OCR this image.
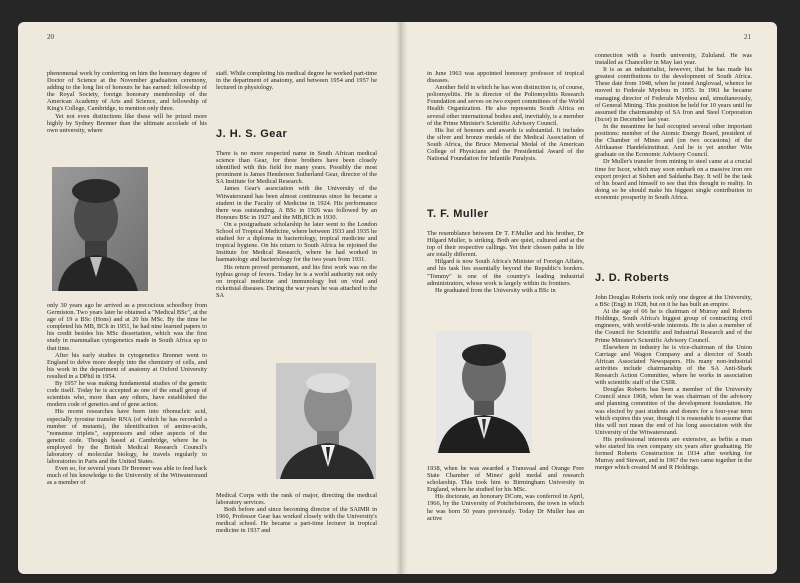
20	21

phenomenal work by conferring on him the honorary degree of Doctor of Science at the November graduation ceremony, adding to the long list of honours he has earned: fellowship of the Royal Society, foreign honorary membership of the American Academy of Arts and Science, and fellowship of King's College, Cambridge, to mention only three.

Yet not even distinctions like these will be prized more highly by Sydney Brenner than the ultimate accolade of his own university, where

only 30 years ago he arrived as a precocious schoolboy from Germiston. Two years later he obtained a "Medical BSc", at the age of 19 a BSc (Hons) and at 20 his MSc. By the time he completed his MB, BCh in 1951, he had nine learned papers to his credit besides his MSc dissertation, which was the first study in mammalian cytogenetics made in South Africa up to that time.

After his early studies in cytogenetics Brenner went to England to delve more deeply into the chemistry of cells, and his work in the department of anatomy at Oxford University resulted in a DPhil in 1954.

By 1957 he was making fundamental studies of the genetic code itself. Today he is accepted as one of the small group of scientists who, more than any others, have established the modern code of genetics and of gene action.

His recent researches have been into ribonucleic acid, especially tyrosine transfer RNA (of which he has recorded a number of mutants), the identification of amino-acids, "nonsense triplets", suppressors and other aspects of the genetic code. Though based at Cambridge, where he is employed by the British Medical Research Council's laboratory of molecular biology, he travels regularly to laboratories in Paris and the United States.

Even so, for several years Dr Brenner was able to feed back much of his knowledge to the University of the Witwatersrand as a member of

staff. While completing his medical degree he worked part-time in the department of anatomy, and between 1954 and 1957 he lectured in physiology.

J. H. S. Gear

There is no more respected name in South African medical science than Gear, for three brothers have been closely identified with this field for many years. Possibly the most prominent is James Henderson Sutherland Gear, director of the SA Institute for Medical Research.

James Gear's association with the University of the Witwatersrand has been almost continuous since he became a student in the Faculty of Medicine in 1924. His performance there was outstanding. A BSc in 1926 was followed by an Honours BSc in 1927 and the MB,BCh in 1930.

On a postgraduate scholarship he later went to the London School of Tropical Medicine, where between 1933 and 1935 he studied for a diploma in bacteriology, tropical medicine and tropical hygiene. On his return to South Africa he rejoined the Institute for Medical Research, where he had worked in haematology and bacteriology for the two years from 1931.

His return proved permanent, and his first work was on the typhus group of fevers. Today he is a world authority not only on tropical medicine and immunology but on viral and rickettsial diseases. During the war years he was attached to the SA

Medical Corps with the rank of major, directing the medical laboratory services.

Both before and since becoming director of the SAIMR in 1960, Professor Gear has worked closely with the University's medical school. He became a part-time lecturer in tropical medicine in 1937 and

in June 1963 was appointed honorary professor of tropical diseases.

Another field in which he has won distinction is, of course, poliomyelitis. He is director of the Poliomyelitis Research Foundation and serves on two expert committees of the World Health Organization. He also represents South Africa on several other international bodies and, inevitably, is a member of the Prime Minister's Scientific Advisory Council.

His list of honours and awards is substantial. It includes the silver and bronze medals of the Medical Association of South Africa, the Bruce Memorial Medal of the American College of Physicians and the Presidential Award of the National Foundation for Infantile Paralysis.

T. F. Muller

The resemblance between Dr T. F.Muller and his brother, Dr Hilgard Muller, is striking. Both are quiet, cultured and at the top of their respective callings. Yet their chosen paths in life are totally different.

Hilgard is now South Africa's Minister of Foreign Affairs, and his task lies essentially beyond the Republic's borders. "Tommy" is one of the country's leading industrial administrators, whose work is largely within its frontiers.

He graduated from the University with a BSc in

1938, when he was awarded a Transvaal and Orange Free State Chamber of Mines' gold medal and research scholarship. This took him to Birmingham University in England, where he studied for his MSc.

His doctorate, an honorary DCom, was conferred in April, 1966, by the University of Potchefstroom, the town in which he was born 50 years previously. Today Dr Muller has an active

connection with a fourth university, Zululand. He was installed as Chancellor in May last year.

It is as an industrialist, however, that he has made his greatest contributions to the development of South Africa. These date from 1948, when he joined Anglovaal, whence he moved to Federale Mynbou in 1955. In 1961 he became managing director of Federale Mynbou and, simultaneously, of General Mining. This position he held for 10 years until he assumed the chairmanship of SA Iron and Steel Corporation (Iscor) in December last year.

In the meantime he had occupied several other important positions: member of the Atomic Energy Board, president of the Chamber of Mines and (on two occasions) of the Afrikaanse Handelsinstituut. And he is yet another Wits graduate on the Economic Advisory Council.

Dr Muller's transfer from mining to steel came at a crucial time for Iscor, which may soon embark on a massive iron ore export project at Sishen and Saldanha Bay. It will be the task of his board and himself to see that this thought to reality. In doing so he should make his biggest single contribution to economic prosperity in South Africa.

J. D. Roberts

John Douglas Roberts took only one degree at the University, a BSc (Eng) in 1928, but on it he has built an empire.

At the age of 66 he is chairman of Murray and Roberts Holdings, South Africa's biggest group of contracting civil engineers, with world-wide interests. He is also a member of the Council for Scientific and Industrial Research and of the Prime Minister's Scientific Advisory Council.

Elsewhere in industry he is vice-chairman of the Union Carriage and Wagon Company and a director of South African Associated Newspapers. His many non-industrial activities include chairmanship of the SA Anti-Shark Research Action Committee, where he works in association with scientific staff of the CSIR.

Douglas Roberts has been a member of the University Council since 1968, when he was chairman of the advisory and planning committee of the development foundation. He was elected by past students and donors for a four-year term which expires this year, though it is reasonable to assume that this will not mean the end of his long association with the University of the Witwatersrand.

His professional interests are extensive, as befits a man who started his own company six years after graduating. He formed Roberts Construction in 1934 after working for Murray and Stewart, and in 1967 the two came together in the merger which created M and R Holdings.
